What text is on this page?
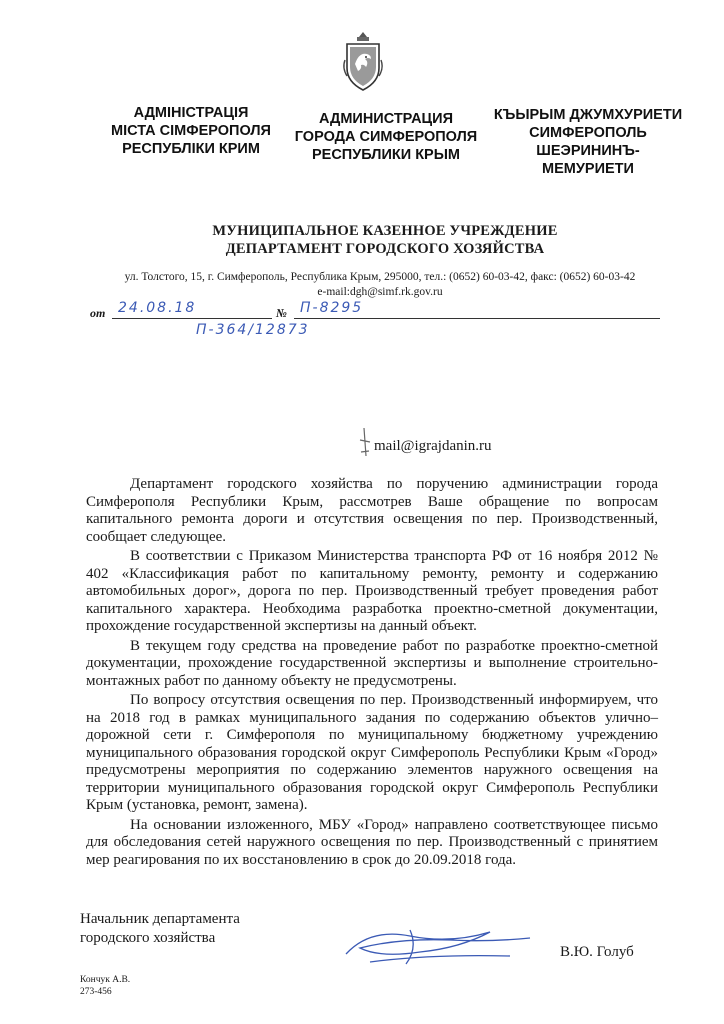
АДМІНІСТРАЦІЯ
МІСТА СІМФЕРОПОЛЯ
РЕСПУБЛІКИ КРИМ
АДМИНИСТРАЦИЯ
ГОРОДА СИМФЕРОПОЛЯ
РЕСПУБЛИКИ КРЫМ
КЪЫРЫМ ДЖУМХУРИЕТИ
СИМФЕРОПОЛЬ
ШЕЭРИНИНЪ-
МЕМУРИЕТИ
МУНИЦИПАЛЬНОЕ КАЗЕННОЕ УЧРЕЖДЕНИЕ
ДЕПАРТАМЕНТ ГОРОДСКОГО ХОЗЯЙСТВА
ул. Толстого, 15, г. Симферополь, Республика Крым, 295000, тел.: (0652) 60-03-42, факс: (0652) 60-03-42
e-mail:dgh@simf.rk.gov.ru
от	№
24.08.18	П-8295
П-364/12873
mail@igrajdanin.ru

Департамент городского хозяйства по поручению администрации города Симферополя Республики Крым, рассмотрев Ваше обращение по вопросам капитального ремонта дороги и отсутствия освещения по пер. Производственный, сообщает следующее.

В соответствии с Приказом Министерства транспорта РФ от 16 ноября 2012 № 402 «Классификация работ по капитальному ремонту, ремонту и содержанию автомобильных дорог», дорога по пер. Производственный требует проведения работ капитального характера. Необходима разработка проектно-сметной документации, прохождение государственной экспертизы на данный объект.

В текущем году средства на проведение работ по разработке проектно-сметной документации, прохождение государственной экспертизы и выполнение строительно-монтажных работ по данному объекту не предусмотрены.

По вопросу отсутствия освещения по пер. Производственный информируем, что на 2018 год в рамках муниципального задания по содержанию объектов улично–дорожной сети г. Симферополя по муниципальному бюджетному учреждению муниципального образования городской округ Симферополь Республики Крым «Город» предусмотрены мероприятия по содержанию элементов наружного освещения на территории муниципального образования городской округ Симферополь Республики Крым (установка, ремонт, замена).

На основании изложенного, МБУ «Город» направлено соответствующее письмо для обследования сетей наружного освещения по пер. Производственный с принятием мер реагирования по их восстановлению в срок до 20.09.2018 года.

Начальник департамента
городского хозяйства
В.Ю. Голуб
Кончук А.В.
273-456
